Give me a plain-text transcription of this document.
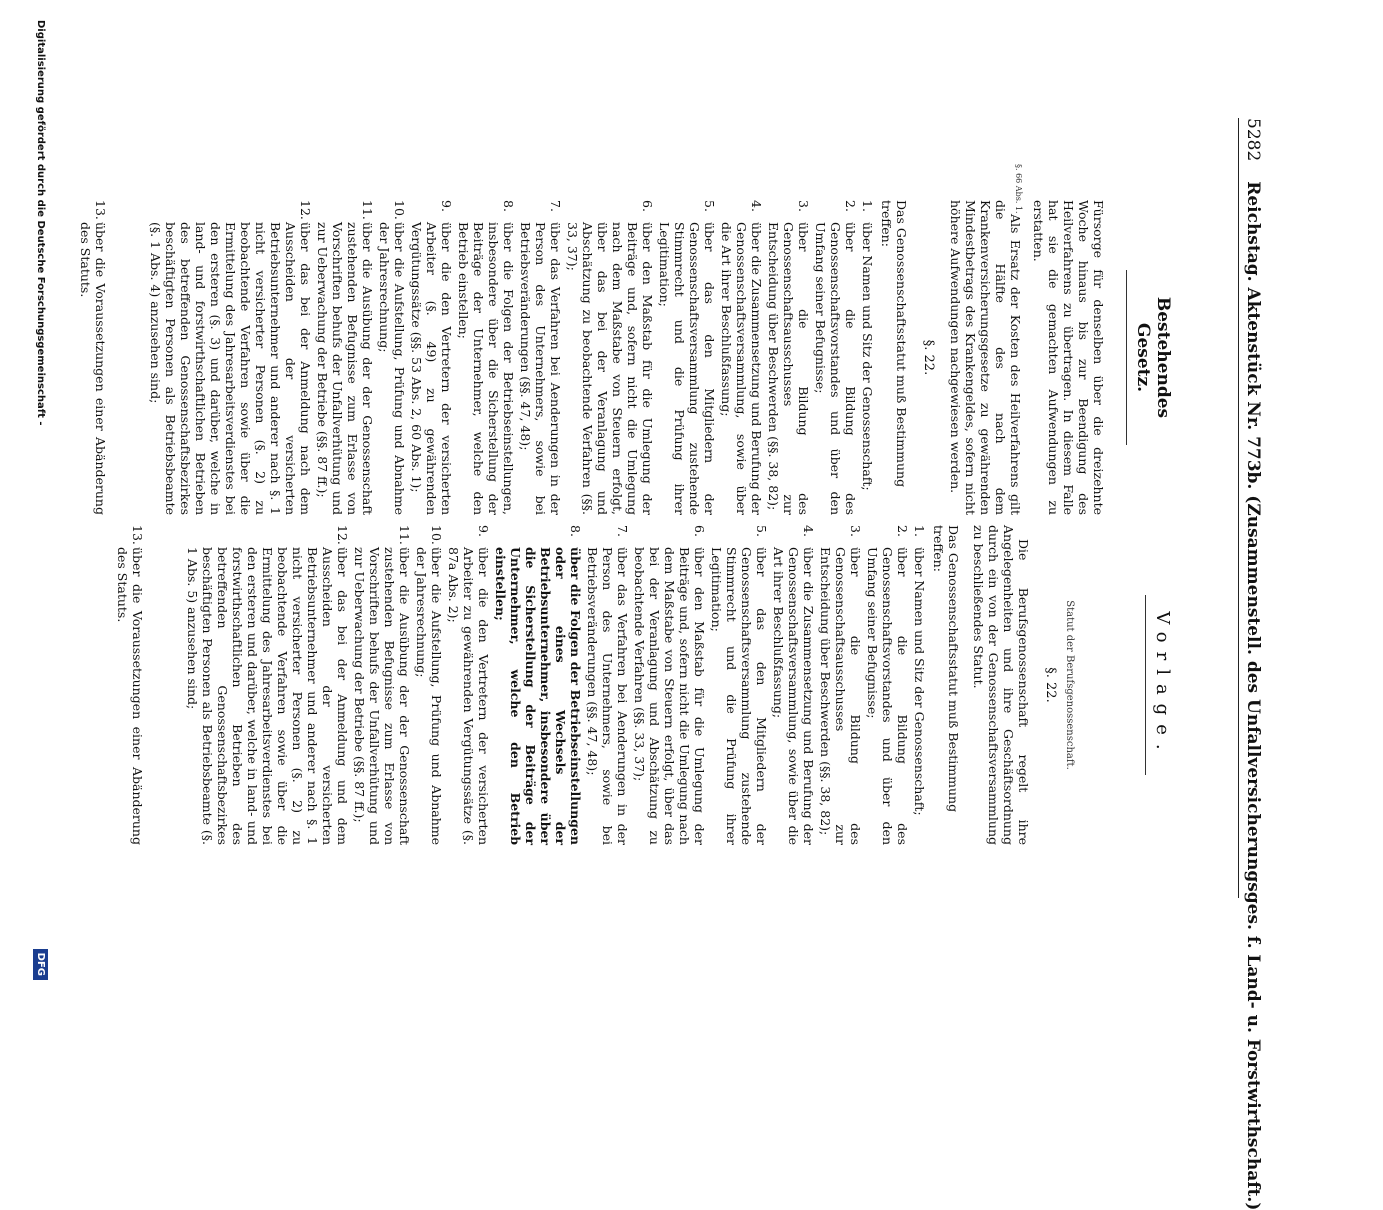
5282 Reichstag. Aktenstück Nr. 773b. (Zusammenstell. des Unfallversicherungsges. f. Land- u. Forstwirthschaft.)
Bestehendes Gesetz.

Fürsorge für denselben über die dreizehnte Woche hinaus bis zur Beendigung des Heilverfahrens zu übertragen. In diesem Falle hat sie die gemachten Aufwendungen zu erstatten.

§. 66 Abs. 1.

Als Ersatz der Kosten des Heilverfahrens gilt die Hälfte des nach dem Krankenversicherungsgesetze zu gewährenden Mindestbetrags des Krankengeldes, sofern nicht höhere Aufwendungen nachgewiesen werden.

§. 22.
Das Genossenschaftsstatut muß Bestimmung treffen:
1.
über Namen und Sitz der Genossenschaft;
2.
über die Bildung des Genossenschaftsvorstandes und über den Umfang seiner Befugnisse;
3.
über die Bildung des Genossenschaftsausschusses zur Entscheidung über Beschwerden (§§. 38, 82);
4.
über die Zusammensetzung und Berufung der Genossenschaftsversammlung, sowie über die Art ihrer Beschlußfassung;
5.
über das den Mitgliedern der Genossenschaftsversammlung zustehende Stimmrecht und die Prüfung ihrer Legitimation;
6.
über den Maßstab für die Umlegung der Beiträge und, sofern nicht die Umlegung nach dem Maßstabe von Steuern erfolgt, über das bei der Veranlagung und Abschätzung zu beobachtende Verfahren (§§. 33, 37);
7.
über das Verfahren bei Aenderungen in der Person des Unternehmers, sowie bei Betriebsveränderungen (§§. 47, 48);
8.
über die Folgen der Betriebseinstellungen, insbesondere über die Sicherstellung der Beiträge der Unternehmer, welche den Betrieb einstellen;
9.
über die den Vertretern der versicherten Arbeiter (§. 49) zu gewährenden Vergütungssätze (§§. 53 Abs. 2, 60 Abs. 1);
10.
über die Aufstellung, Prüfung und Abnahme der Jahresrechnung;
11.
über die Ausübung der der Genossenschaft zustehenden Befugnisse zum Erlasse von Vorschriften behufs der Unfallverhütung und zur Ueberwachung der Betriebe (§§. 87 ff.);
12.
über das bei der Anmeldung nach dem Ausscheiden der versicherten Betriebsunternehmer und anderer nach §. 1 nicht versicherter Personen (§. 2) zu beobachtende Verfahren sowie über die Ermittelung des Jahresarbeitsverdienstes bei den ersteren (§. 3) und darüber, welche in land- und forstwirthschaftlichen Betrieben des betreffenden Genossenschaftsbezirkes beschäftigten Personen als Betriebsbeamte (§. 1 Abs. 4) anzusehen sind;
13.
über die Voraussetzungen einer Abänderung des Statuts.
Vorlage.
Statut der Berufsgenossenschaft.
§. 22.

Die Berufsgenossenschaft regelt ihre Angelegenheiten und ihre Geschäftsordnung durch ein von der Genossenschaftsversammlung zu beschließendes Statut.

Das Genossenschaftsstatut muß Bestimmung treffen:
1.
über Namen und Sitz der Genossenschaft;
2.
über die Bildung des Genossenschaftsvorstandes und über den Umfang seiner Befugnisse;
3.
über die Bildung des Genossenschaftsausschusses zur Entscheidung über Beschwerden (§§. 38, 82);
4.
über die Zusammensetzung und Berufung der Genossenschaftsversammlung, sowie über die Art ihrer Beschlußfassung;
5.
über das den Mitgliedern der Genossenschaftsversammlung zustehende Stimmrecht und die Prüfung ihrer Legitimation;
6.
über den Maßstab für die Umlegung der Beiträge und, sofern nicht die Umlegung nach dem Maßstabe von Steuern erfolgt, über das bei der Veranlagung und Abschätzung zu beobachtende Verfahren (§§. 33, 37);
7.
über das Verfahren bei Aenderungen in der Person des Unternehmers, sowie bei Betriebsveränderungen (§§. 47, 48);
8.
über die Folgen der Betriebseinstellungen oder eines Wechsels der Betriebsunternehmer, insbesondere über die Sicherstellung der Beiträge der Unternehmer, welche den Betrieb einstellen;
9.
über die den Vertretern der versicherten Arbeiter zu gewährenden Vergütungssätze (§. 87a Abs. 2);
10.
über die Aufstellung, Prüfung und Abnahme der Jahresrechnung;
11.
über die Ausübung der der Genossenschaft zustehenden Befugnisse zum Erlasse von Vorschriften behufs der Unfallverhütung und zur Ueberwachung der Betriebe (§§. 87 ff.);
12.
über das bei der Anmeldung und dem Ausscheiden der versicherten Betriebsunternehmer und anderer nach §. 1 nicht versicherter Personen (§. 2) zu beobachtende Verfahren sowie über die Ermittelung des Jahresarbeitsverdienstes bei den ersteren und darüber, welche in land- und forstwirthschaftlichen Betrieben des betreffenden Genossenschaftsbezirkes beschäftigten Personen als Betriebsbeamte (§. 1 Abs. 5) anzusehen sind;
13.
über die Voraussetzungen einer Abänderung des Statuts.
Digitalisierung gefördert durch die Deutsche Forschungsgemeinschaft -
DFG
